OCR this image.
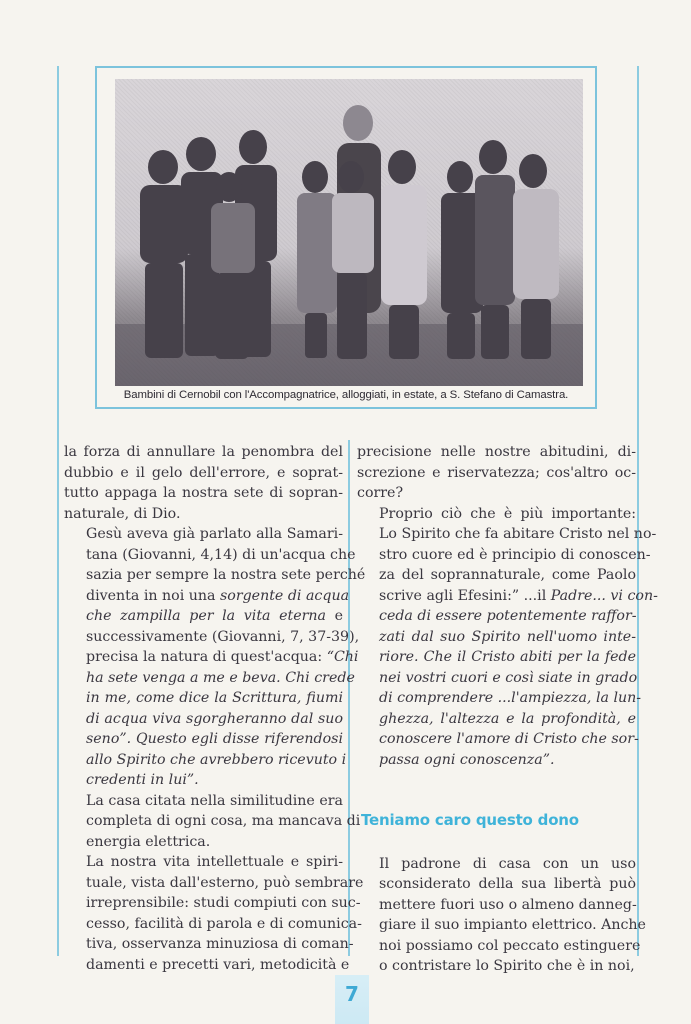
Bambini di Cernobil con l'Accompagnatrice, alloggiati, in estate, a S. Stefano di Camastra.

la forza di annullare la penombra del
dubbio e il gelo dell'errore, e soprat-
tutto appaga la nostra sete di sopran-
naturale, di Dio.

Gesù aveva già parlato alla Samari-
tana (Giovanni, 4,14) di un'acqua che
sazia per sempre la nostra sete perché
diventa in noi una sorgente di acqua
che zampilla per la vita eterna e
successivamente (Giovanni, 7, 37-39),
precisa la natura di quest'acqua: “Chi
ha sete venga a me e beva. Chi crede
in me, come dice la Scrittura, fiumi
di acqua viva sgorgheranno dal suo
seno”. Questo egli disse riferendosi
allo Spirito che avrebbero ricevuto i
credenti in lui”.

La casa citata nella similitudine era
completa di ogni cosa, ma mancava di
energia elettrica.

La nostra vita intellettuale e spiri-
tuale, vista dall'esterno, può sembrare
irreprensibile: studi compiuti con suc-
cesso, facilità di parola e di comunica-
tiva, osservanza minuziosa di coman-
damenti e precetti vari, metodicità e

precisione nelle nostre abitudini, di-
screzione e riservatezza; cos'altro oc-
corre?

Proprio ciò che è più importante:
Lo Spirito che fa abitare Cristo nel no-
stro cuore ed è principio di conoscen-
za del soprannaturale, come Paolo
scrive agli Efesini:” ...il Padre... vi con-
ceda di essere potentemente raffor-
zati dal suo Spirito nell'uomo inte-
riore. Che il Cristo abiti per la fede
nei vostri cuori e così siate in grado
di comprendere ...l'ampiezza, la lun-
ghezza, l'altezza e la profondità, e
conoscere l'amore di Cristo che sor-
passa ogni conoscenza”.

Teniamo caro questo dono

Il padrone di casa con un uso
sconsiderato della sua libertà può
mettere fuori uso o almeno danneg-
giare il suo impianto elettrico. Anche
noi possiamo col peccato estinguere
o contristare lo Spirito che è in noi,

7
